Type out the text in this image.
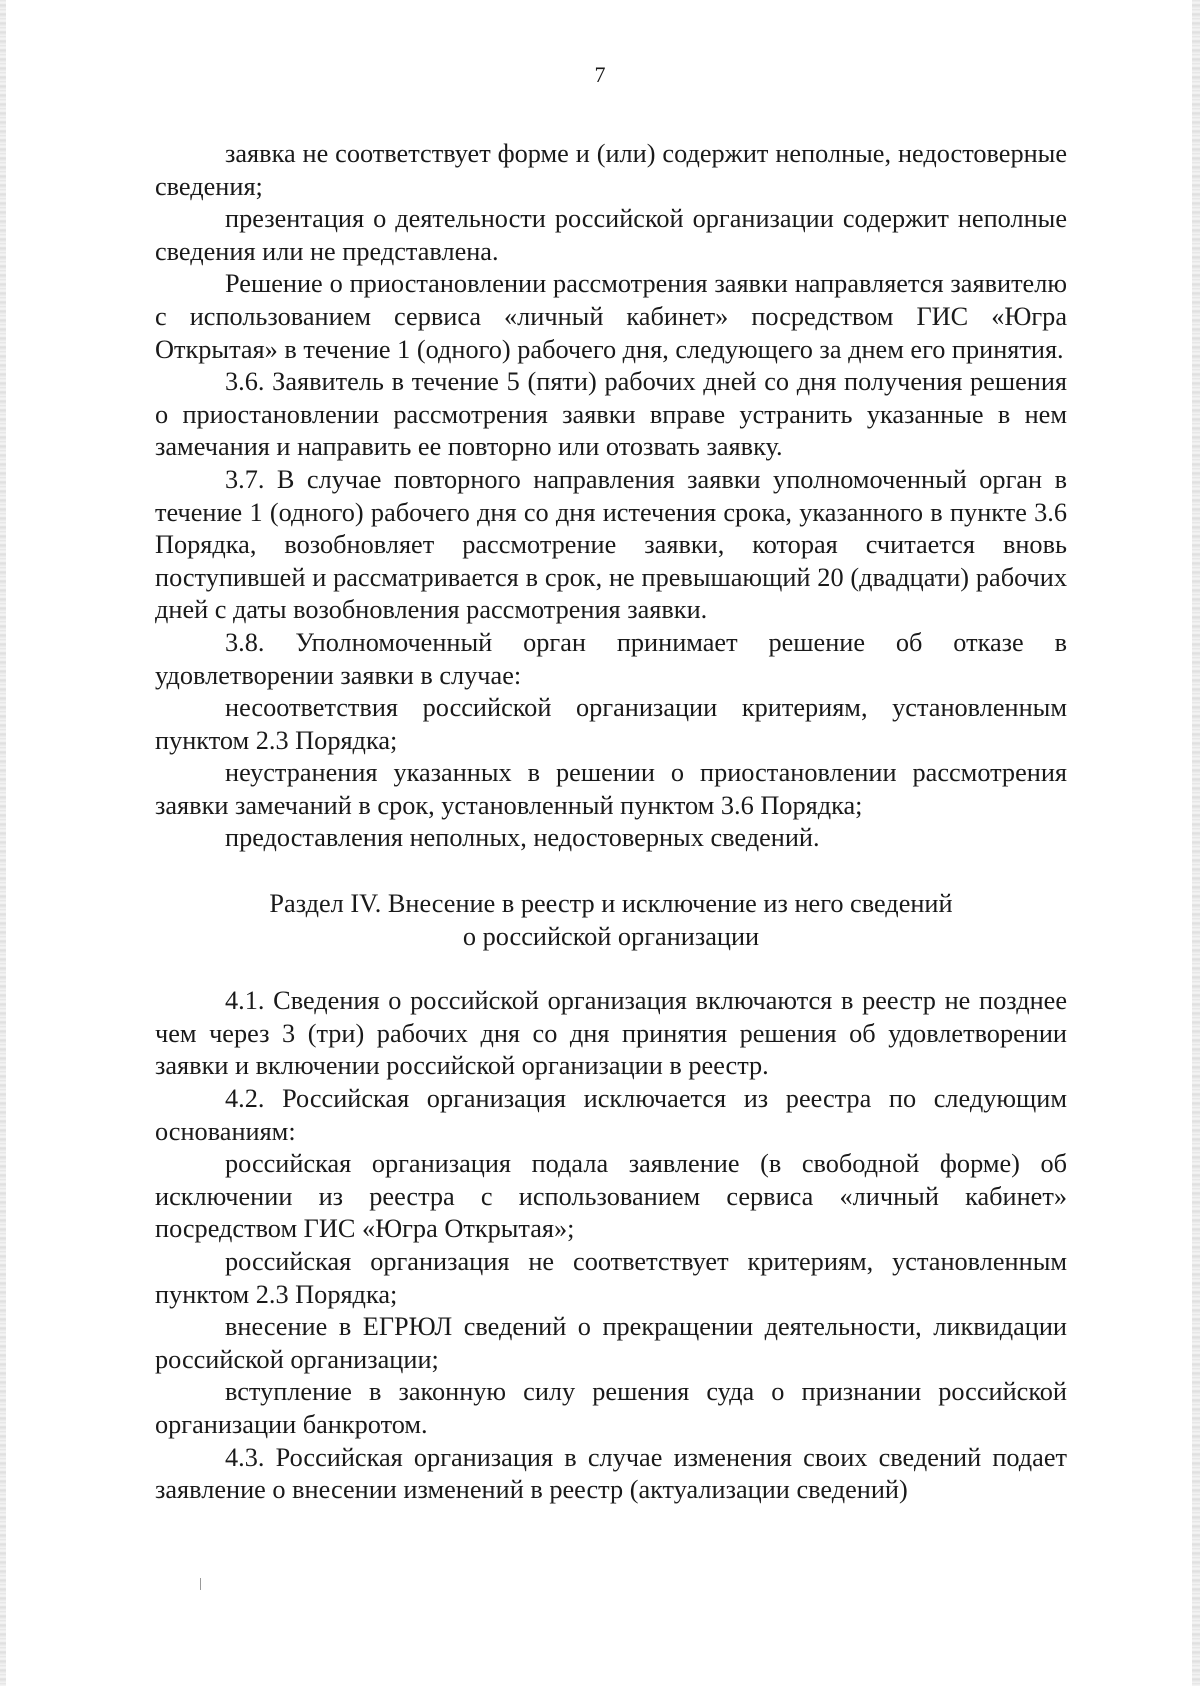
7

заявка не соответствует форме и (или) содержит неполные, недостоверные сведения;

презентация о деятельности российской организации содержит неполные сведения или не представлена.

Решение о приостановлении рассмотрения заявки направляется заявителю с использованием сервиса «личный кабинет» посредством ГИС «Югра Открытая» в течение 1 (одного) рабочего дня, следующего за днем его принятия.

3.6. Заявитель в течение 5 (пяти) рабочих дней со дня получения решения о приостановлении рассмотрения заявки вправе устранить указанные в нем замечания и направить ее повторно или отозвать заявку.

3.7. В случае повторного направления заявки уполномоченный орган в течение 1 (одного) рабочего дня со дня истечения срока, указанного в пункте 3.6 Порядка, возобновляет рассмотрение заявки, которая считается вновь поступившей и рассматривается в срок, не превышающий 20 (двадцати) рабочих дней с даты возобновления рассмотрения заявки.

3.8. Уполномоченный орган принимает решение об отказе в удовлетворении заявки в случае:

несоответствия российской организации критериям, установленным пунктом 2.3 Порядка;

неустранения указанных в решении о приостановлении рассмотрения заявки замечаний в срок, установленный пунктом 3.6 Порядка;

предоставления неполных, недостоверных сведений.

Раздел IV. Внесение в реестр и исключение из него сведений
о российской организации

4.1. Сведения о российской организация включаются в реестр не позднее чем через 3 (три) рабочих дня со дня принятия решения об удовлетворении заявки и включении российской организации в реестр.

4.2. Российская организация исключается из реестра по следующим основаниям:

российская организация подала заявление (в свободной форме) об исключении из реестра с использованием сервиса «личный кабинет» посредством ГИС «Югра Открытая»;

российская организация не соответствует критериям, установленным пунктом 2.3 Порядка;

внесение в ЕГРЮЛ сведений о прекращении деятельности, ликвидации российской организации;

вступление в законную силу решения суда о признании российской организации банкротом.

4.3. Российская организация в случае изменения своих сведений подает заявление о внесении изменений в реестр (актуализации сведений)
